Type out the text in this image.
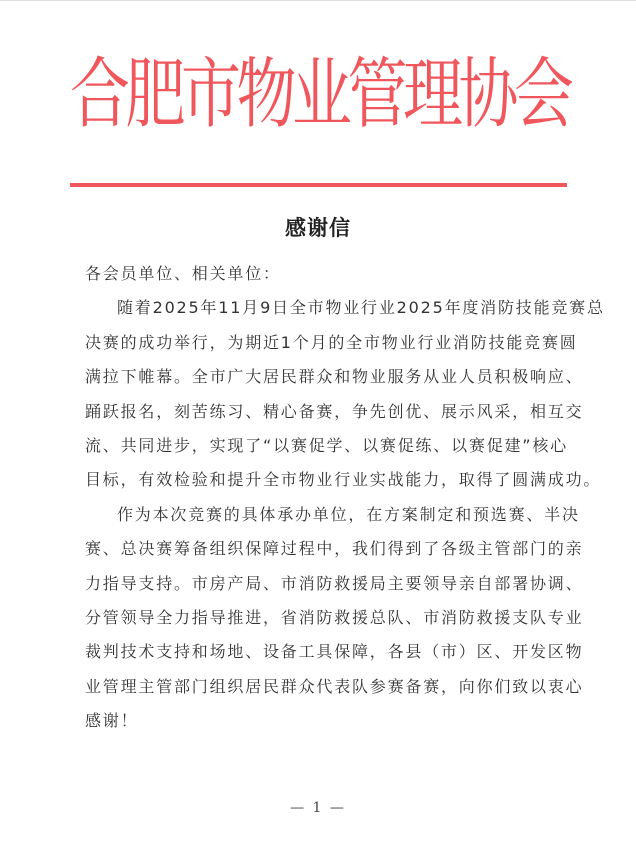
合
肥
市
物
业
管
理
协
会
感谢信
各会员单位、相关单位：
随着2025年11月9日全市物业行业2025年度消防技能竞赛总
决赛的成功举行，为期近1个月的全市物业行业消防技能竞赛圆
满拉下帷幕。全市广大居民群众和物业服务从业人员积极响应、
踊跃报名，刻苦练习、精心备赛，争先创优、展示风采，相互交
流、共同进步，实现了“以赛促学、以赛促练、以赛促建”核心
目标，有效检验和提升全市物业行业实战能力，取得了圆满成功。
作为本次竞赛的具体承办单位，在方案制定和预选赛、半决
赛、总决赛筹备组织保障过程中，我们得到了各级主管部门的亲
力指导支持。市房产局、市消防救援局主要领导亲自部署协调、
分管领导全力指导推进，省消防救援总队、市消防救援支队专业
裁判技术支持和场地、设备工具保障，各县（市）区、开发区物
业管理主管部门组织居民群众代表队参赛备赛，向你们致以衷心
感谢！
— 1 —
